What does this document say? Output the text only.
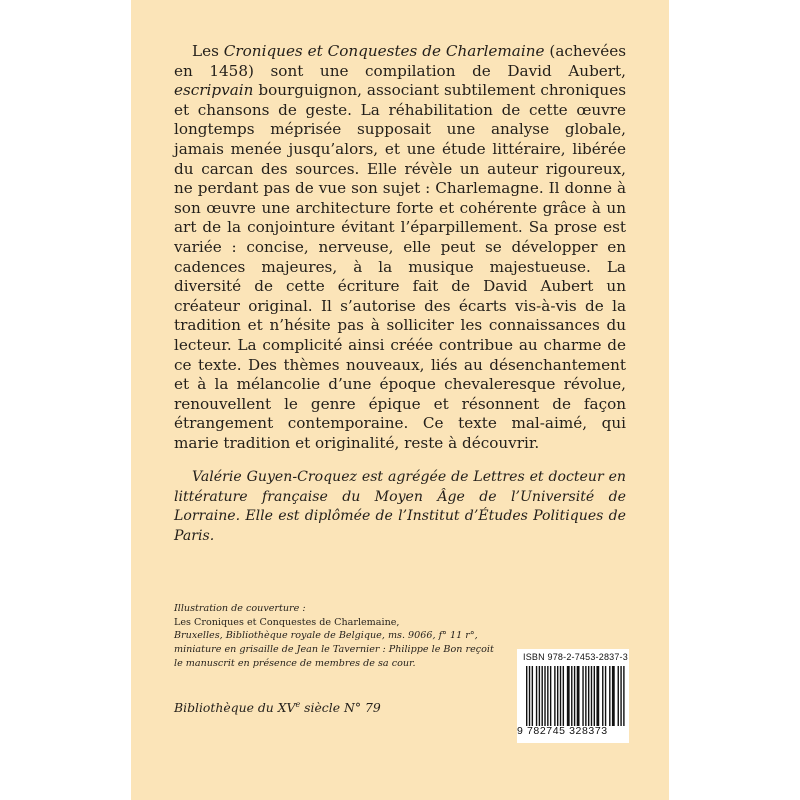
Les Croniques et Conquestes de Charlemaine (achevées en 1458) sont une compilation de David Aubert, escripvain bourguignon, associant subtilement chroniques et chansons de geste. La réhabilitation de cette œuvre longtemps méprisée supposait une analyse globale, jamais menée jusqu’alors, et une étude littéraire, libérée du carcan des sources. Elle révèle un auteur rigoureux, ne perdant pas de vue son sujet : Charlemagne. Il donne à son œuvre une architecture forte et cohérente grâce à un art de la conjointure évitant l’éparpillement. Sa prose est variée : concise, nerveuse, elle peut se développer en cadences majeures, à la musique majestueuse. La diversité de cette écriture fait de David Aubert un créateur original. Il s’autorise des écarts vis-à-vis de la tradition et n’hésite pas à solliciter les connaissances du lecteur. La complicité ainsi créée contribue au charme de ce texte. Des thèmes nouveaux, liés au désenchantement et à la mélancolie d’une époque chevaleresque révolue, renouvellent le genre épique et résonnent de façon étrangement contemporaine. Ce texte mal-aimé, qui marie tradition et originalité, reste à découvrir.

Valérie Guyen-Croquez est agrégée de Lettres et docteur en littérature française du Moyen Âge de l’Université de Lorraine. Elle est diplômée de l’Institut d’Études Politiques de Paris.

Illustration de couverture :
Les Croniques et Conquestes de Charlemaine,
Bruxelles, Bibliothèque royale de Belgique, ms. 9066, f° 11 r°,
miniature en grisaille de Jean le Tavernier : Philippe le Bon reçoit
le manuscrit en présence de membres de sa cour.
Bibliothèque du XVe siècle N° 79
ISBN 978-2-7453-2837-3
9 782745 328373
